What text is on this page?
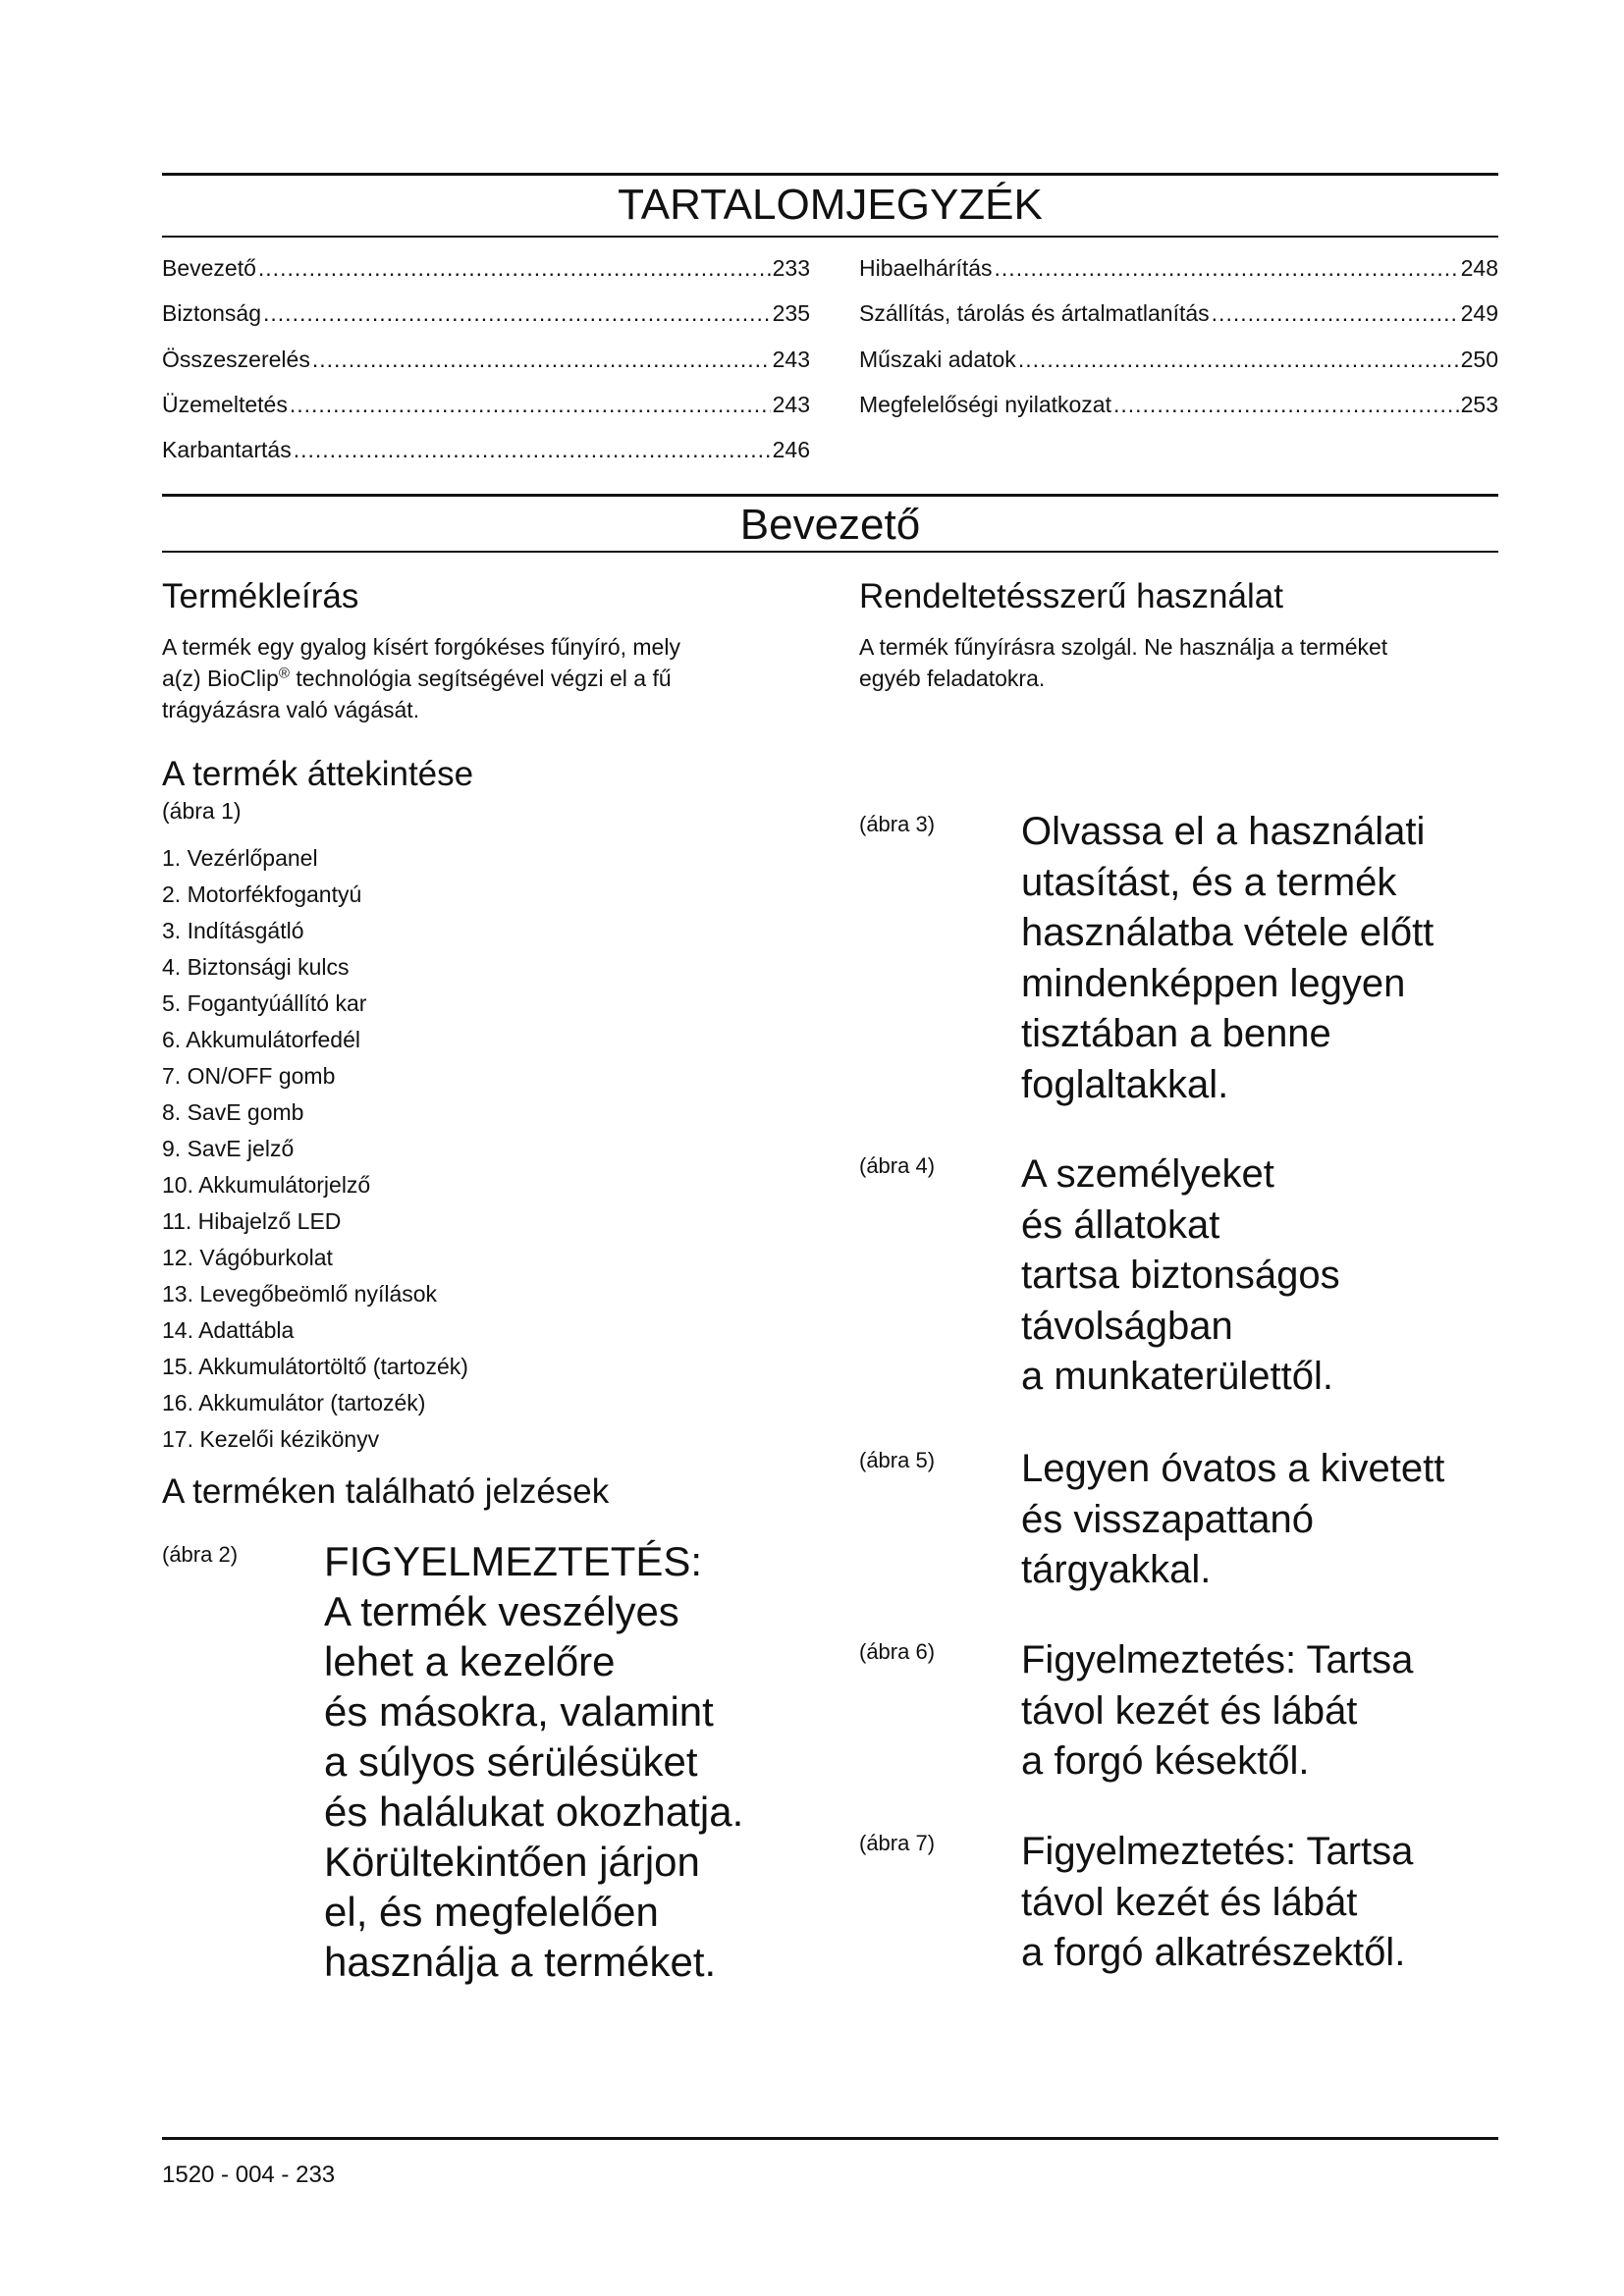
TARTALOMJEGYZÉK
Bevezető .....	233
Biztonság .....	235
Összeszerelés .....	243
Üzemeltetés .....	243
Karbantartás .....	246
Hibaelhárítás .....	248
Szállítás, tárolás és ártalmatlanítás .....	249
Műszaki adatok .....	250
Megfelelőségi nyilatkozat .....	253
Bevezető
Termékleírás
A termék egy gyalog kísért forgókéses fűnyíró, mely
a(z) BioClip® technológia segítségével végzi el a fű
trágyázásra való vágását.
Rendeltetésszerű használat
A termék fűnyírásra szolgál. Ne használja a terméket
egyéb feladatokra.
A termék áttekintése
(ábra 1)
1. Vezérlőpanel
2. Motorfékfogantyú
3. Indításgátló
4. Biztonsági kulcs
5. Fogantyúállító kar
6. Akkumulátorfedél
7. ON/OFF gomb
8. SavE gomb
9. SavE jelző
10. Akkumulátorjelző
11. Hibajelző LED
12. Vágóburkolat
13. Levegőbeömlő nyílások
14. Adattábla
15. Akkumulátortöltő (tartozék)
16. Akkumulátor (tartozék)
17. Kezelői kézikönyv
A terméken található jelzések
(ábra 2) FIGYELMEZTETÉS:
A termék veszélyes
lehet a kezelőre
és másokra, valamint
a súlyos sérülésüket
és halálukat okozhatja.
Körültekintően járjon
el, és megfelelően
használja a terméket.
(ábra 3) Olvassa el a használati
utasítást, és a termék
használatba vétele előtt
mindenképpen legyen
tisztában a benne
foglaltakkal.
(ábra 4) A személyeket
és állatokat
tartsa biztonságos
távolságban
a munkaterülettől.
(ábra 5) Legyen óvatos a kivetett
és visszapattanó
tárgyakkal.
(ábra 6) Figyelmeztetés: Tartsa
távol kezét és lábát
a forgó késektől.
(ábra 7) Figyelmeztetés: Tartsa
távol kezét és lábát
a forgó alkatrészektől.
1520 - 004 - 233
